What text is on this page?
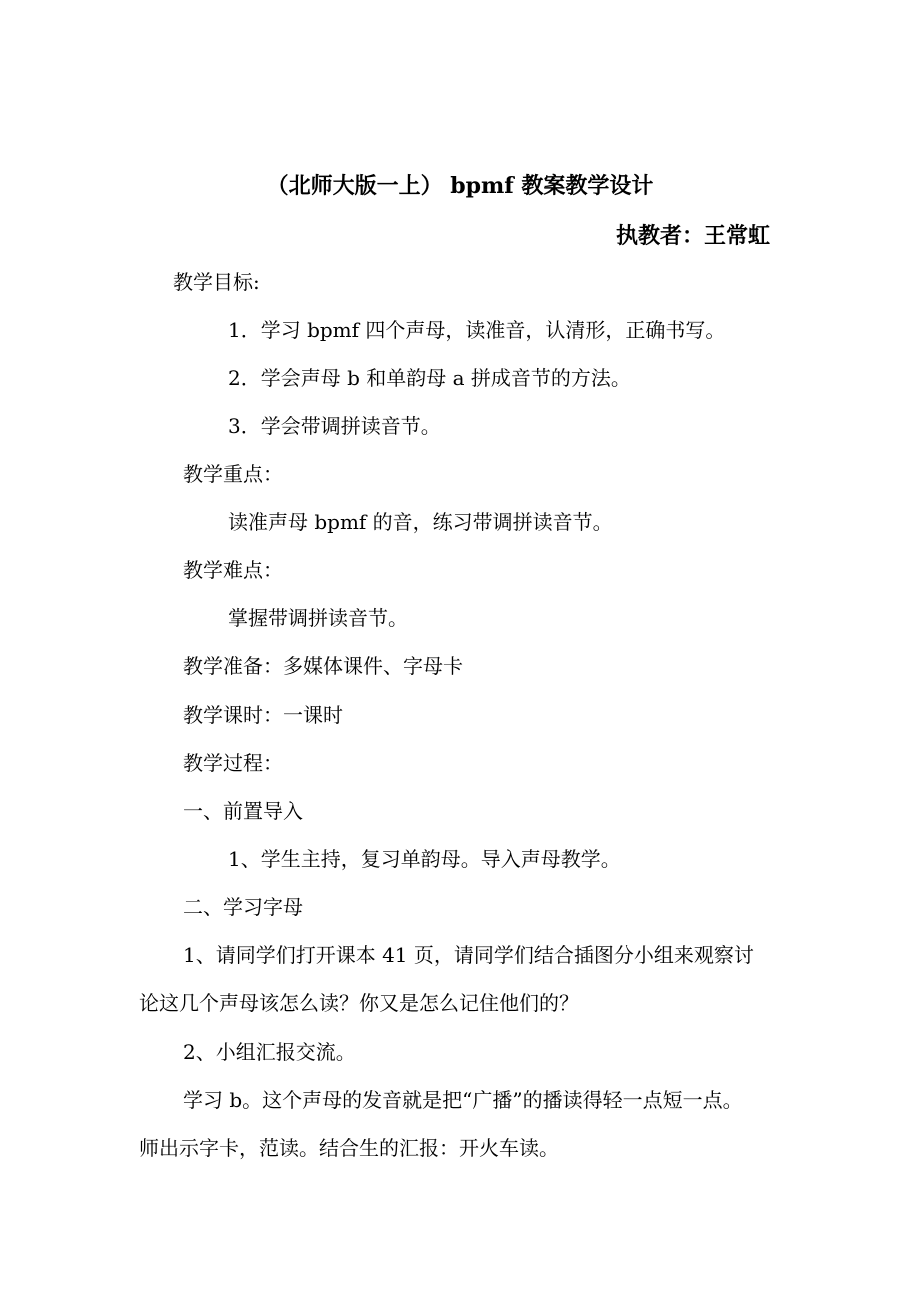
（北师大版一上） bpmf 教案教学设计
执教者：王常虹
教学目标:
1．学习 bpmf 四个声母，读准音，认清形，正确书写。
2．学会声母 b 和单韵母 a 拼成音节的方法。
3．学会带调拼读音节。
教学重点：
读准声母 bpmf 的音，练习带调拼读音节。
教学难点：
掌握带调拼读音节。
教学准备：多媒体课件、字母卡
教学课时：一课时
教学过程：
一、前置导入
1、学生主持，复习单韵母。导入声母教学。
二、学习字母
1、请同学们打开课本 41 页，请同学们结合插图分小组来观察讨
论这几个声母该怎么读？你又是怎么记住他们的？
2、小组汇报交流。
学习 b。这个声母的发音就是把“广播”的播读得轻一点短一点。
师出示字卡，范读。结合生的汇报：开火车读。
